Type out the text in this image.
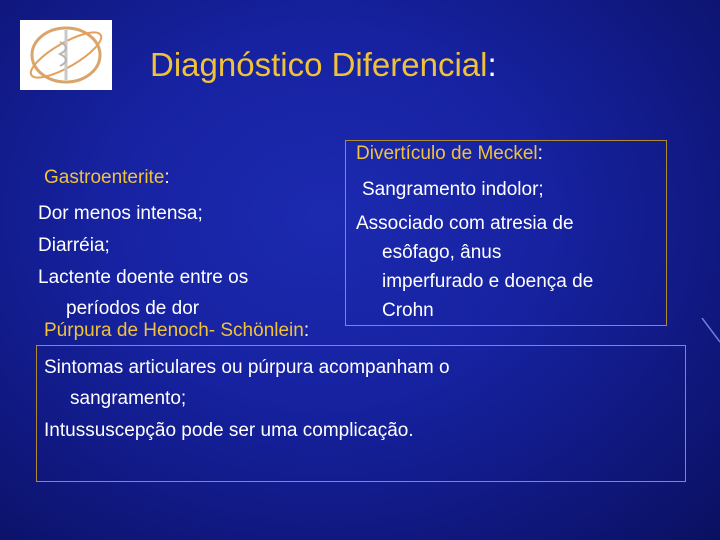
Diagnóstico Diferencial:
Divertículo de Meckel:
Sangramento indolor;
Associado com atresia de
esôfago, ânus
imperfurado e doença de
Crohn
Gastroenterite:
Dor menos intensa;
Diarréia;
Lactente doente entre os
períodos de dor
Púrpura de Henoch- Schönlein:
Sintomas articulares ou púrpura acompanham o
sangramento;
Intussuscepção pode ser uma complicação.
